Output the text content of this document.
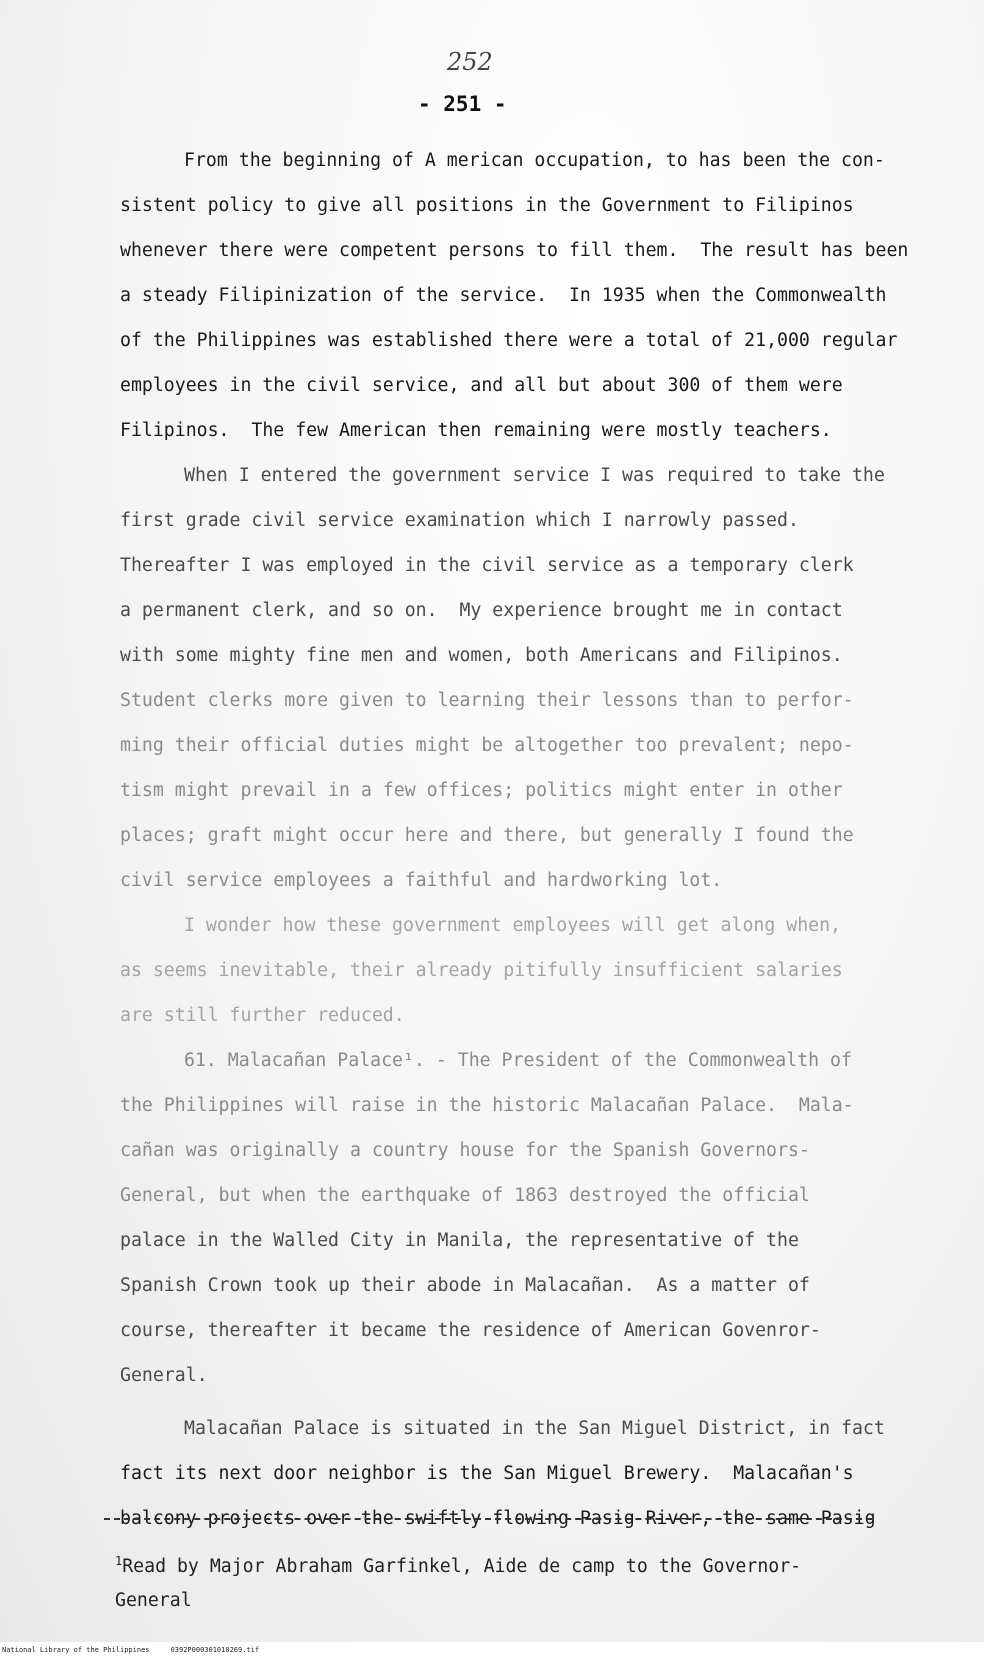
252
- 251 -
From the beginning of A merican occupation, to has been the con-
sistent policy to give all positions in the Government to Filipinos
whenever there were competent persons to fill them.  The result has been
a steady Filipinization of the service.  In 1935 when the Commonwealth
of the Philippines was established there were a total of 21,000 regular
employees in the civil service, and all but about 300 of them were
Filipinos.  The few American then remaining were mostly teachers.
When I entered the government service I was required to take the
first grade civil service examination which I narrowly passed.
Thereafter I was employed in the civil service as a temporary clerk
a permanent clerk, and so on.  My experience brought me in contact
with some mighty fine men and women, both Americans and Filipinos.
Student clerks more given to learning their lessons than to perfor-
ming their official duties might be altogether too prevalent; nepo-
tism might prevail in a few offices; politics might enter in other
places; graft might occur here and there, but generally I found the
civil service employees a faithful and hardworking lot.
I wonder how these government employees will get along when,
as seems inevitable, their already pitifully insufficient salaries
are still further reduced.
61. Malacañan Palace¹. - The President of the Commonwealth of
the Philippines will raise in the historic Malacañan Palace.  Mala-
cañan was originally a country house for the Spanish Governors-
General, but when the earthquake of 1863 destroyed the official
palace in the Walled City in Manila, the representative of the
Spanish Crown took up their abode in Malacañan.  As a matter of
course, thereafter it became the residence of American Govenror-
General.
Malacañan Palace is situated in the San Miguel District, in fact
fact its next door neighbor is the San Miguel Brewery.  Malacañan's
balcony projects over the swiftly flowing Pasig River, the same Pasig
$^1$Read by Major Abraham Garfinkel, Aide de camp to the Governor-
General
National Library of the Philippines     0392P000301010269.tif
